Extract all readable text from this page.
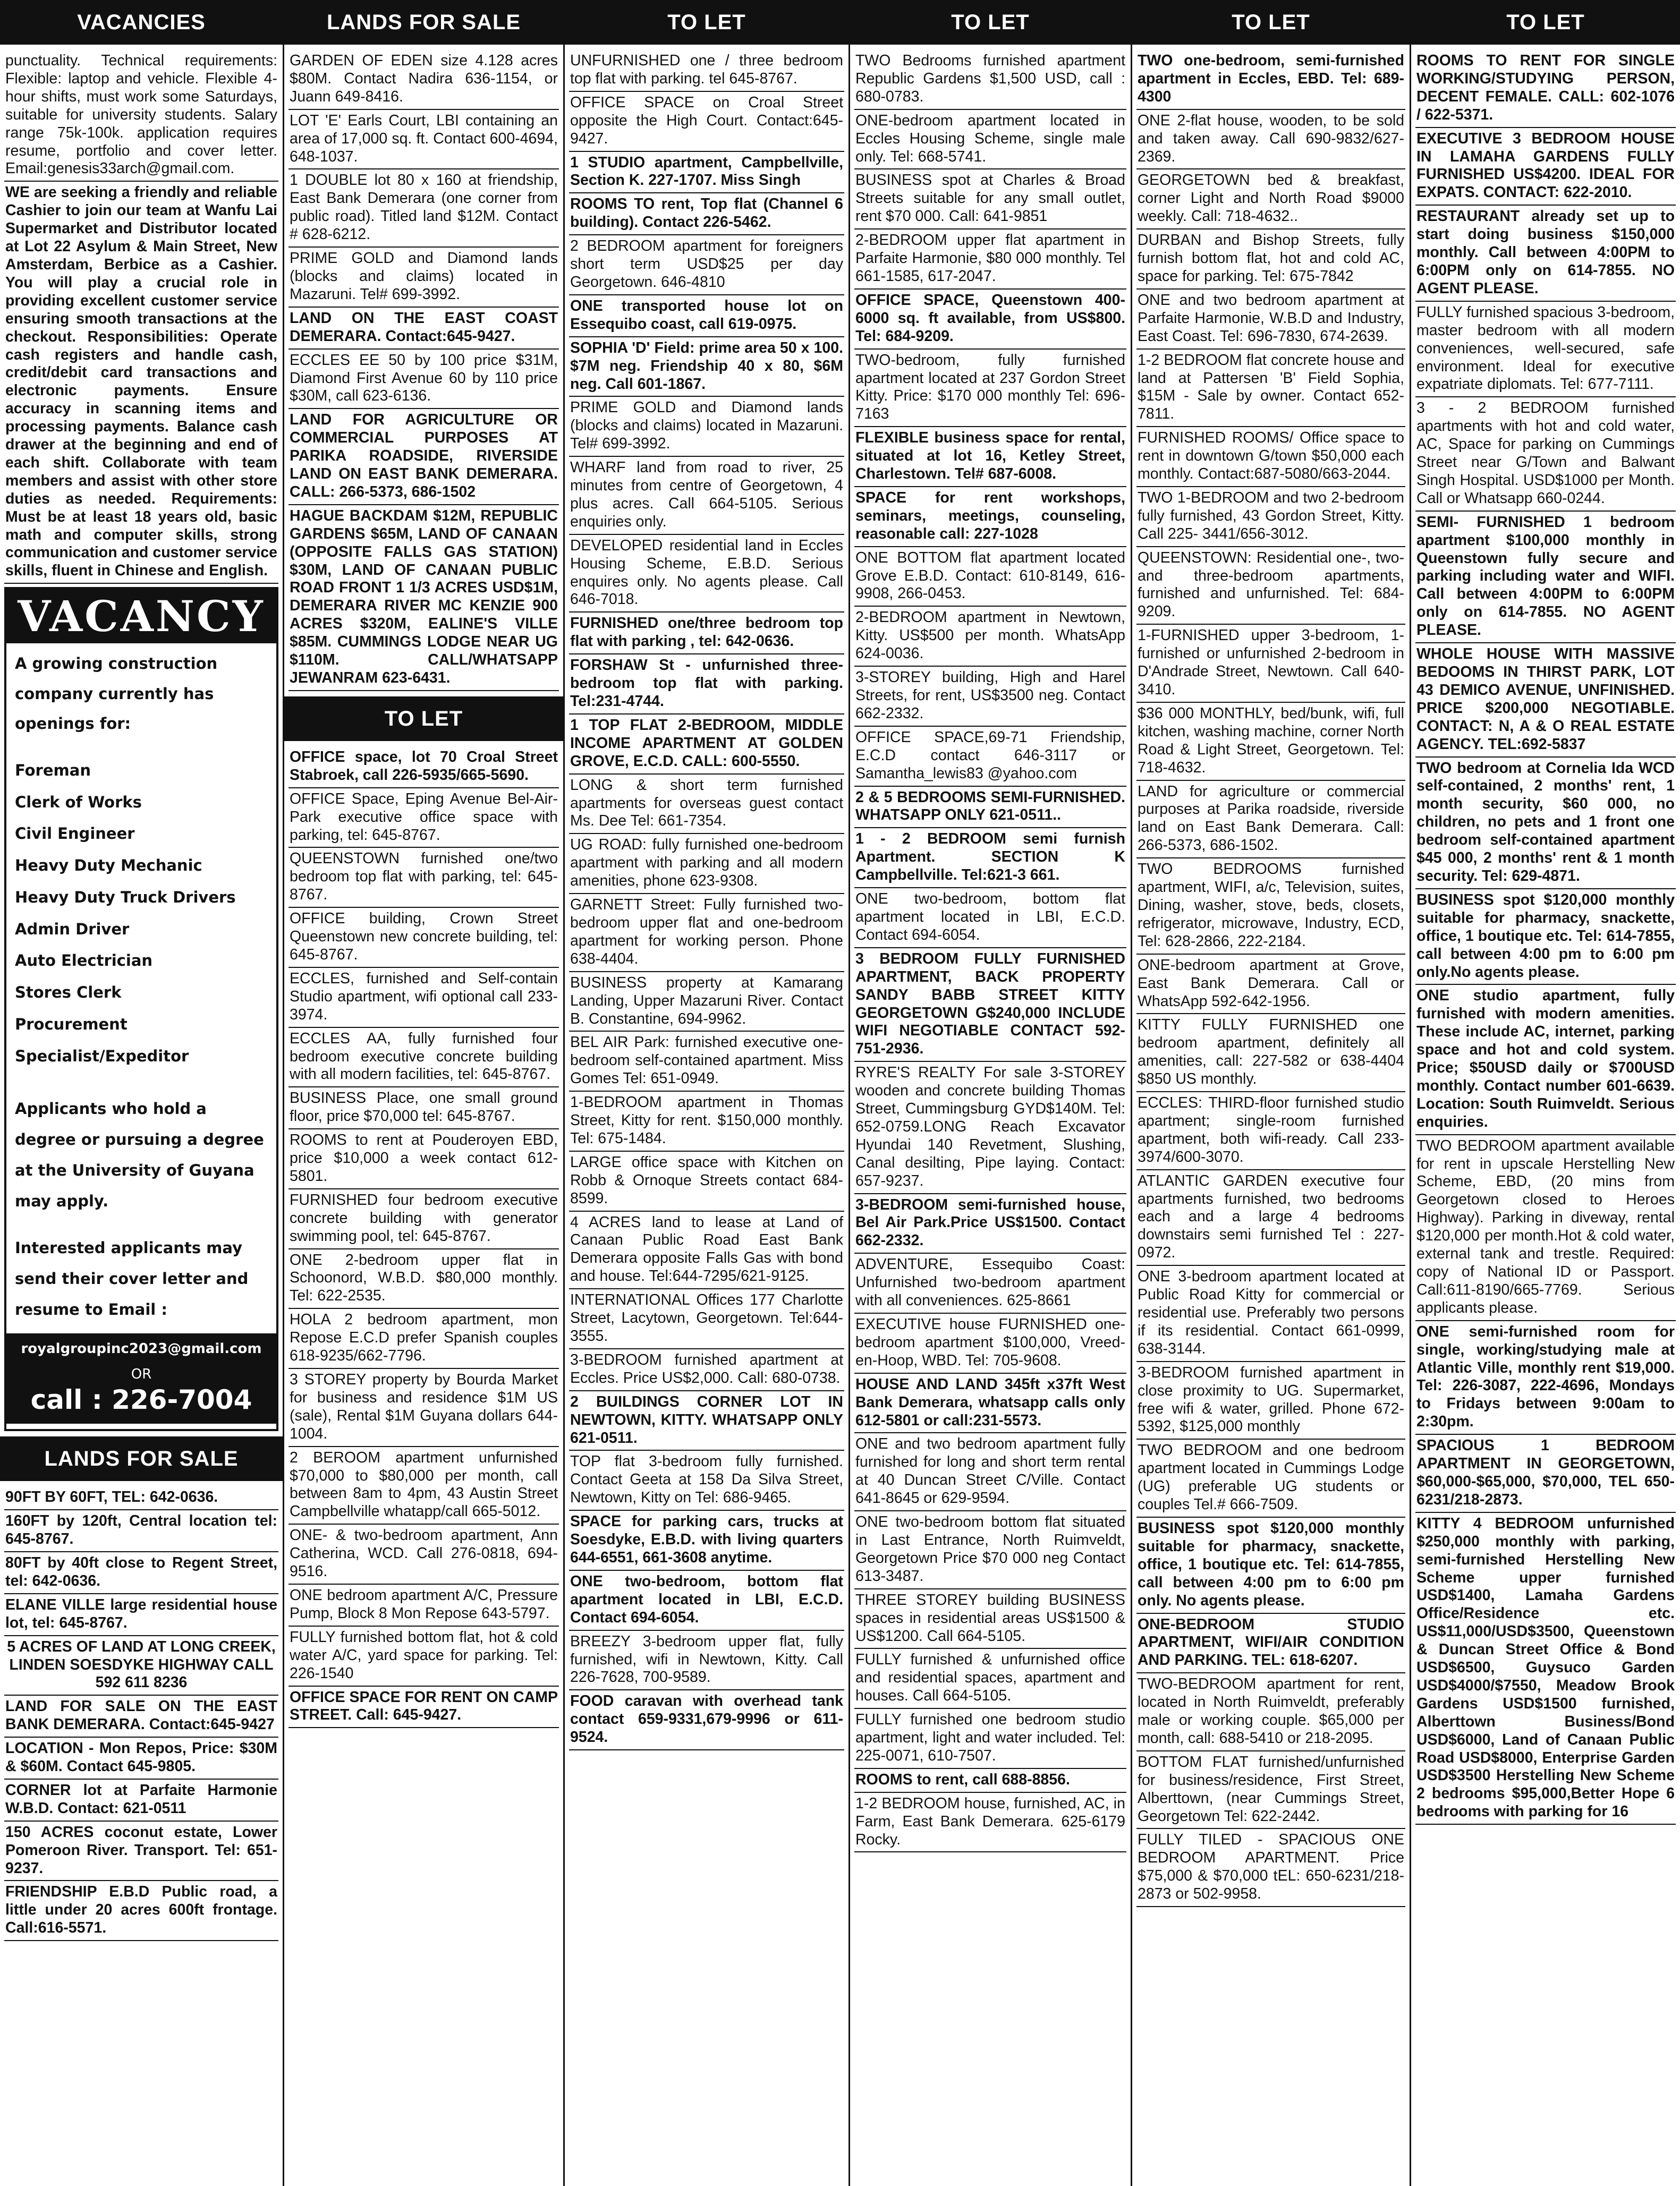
VACANCIES

punctuality. Technical requirements: Flexible: laptop and vehicle. Flexible 4-hour shifts, must work some Saturdays, suitable for university students. Salary range 75k-100k. application requires resume, portfolio and cover letter. Email:genesis33arch@gmail.com.

WE are seeking a friendly and reliable Cashier to join our team at Wanfu Lai Supermarket and Distributor located at Lot 22 Asylum & Main Street, New Amsterdam, Berbice as a Cashier. You will play a crucial role in providing excellent customer service ensuring smooth transactions at the checkout. Responsibilities: Operate cash registers and handle cash, credit/debit card transactions and electronic payments. Ensure accuracy in scanning items and processing payments. Balance cash drawer at the beginning and end of each shift. Collaborate with team members and assist with other store duties as needed. Requirements: Must be at least 18 years old, basic math and computer skills, strong communication and customer service skills, fluent in Chinese and English.

VACANCY
A growing construction company currently has openings for:
Foreman
Clerk of Works
Civil Engineer
Heavy Duty Mechanic
Heavy Duty Truck Drivers
Admin Driver
Auto Electrician
Stores Clerk
Procurement
Specialist/Expeditor
Applicants who hold a degree or pursuing a degree at the University of Guyana may apply.
Interested applicants may send their cover letter and resume to Email :
royalgroupinc2023@gmail.com
OR
call : 226-7004
LANDS FOR SALE

90FT BY 60FT, TEL: 642-0636.

160FT by 120ft, Central location tel: 645-8767.

80FT by 40ft close to Regent Street, tel: 642-0636.

ELANE VILLE large residential house lot, tel: 645-8767.

5 ACRES OF LAND AT LONG CREEK, LINDEN SOESDYKE HIGHWAY CALL 592 611 8236

LAND FOR SALE ON THE EAST BANK DEMERARA. Contact:645-9427

LOCATION - Mon Repos, Price: $30M & $60M. Contact 645-9805.

CORNER lot at Parfaite Harmonie W.B.D. Contact: 621-0511

150 ACRES coconut estate, Lower Pomeroon River. Transport. Tel: 651-9237.

FRIENDSHIP E.B.D Public road, a little under 20 acres 600ft frontage. Call:616-5571.

LANDS FOR SALE

GARDEN OF EDEN size 4.128 acres $80M. Contact Nadira 636-1154, or Juann 649-8416.

LOT 'E' Earls Court, LBI containing an area of 17,000 sq. ft. Contact 600-4694, 648-1037.

1 DOUBLE lot 80 x 160 at friendship, East Bank Demerara (one corner from public road). Titled land $12M. Contact # 628-6212.

PRIME GOLD and Diamond lands (blocks and claims) located in Mazaruni. Tel# 699-3992.

LAND ON THE EAST COAST DEMERARA. Contact:645-9427.

ECCLES EE 50 by 100 price $31M, Diamond First Avenue 60 by 110 price $30M, call 623-6136.

LAND FOR AGRICULTURE OR COMMERCIAL PURPOSES AT PARIKA ROADSIDE, RIVERSIDE LAND ON EAST BANK DEMERARA. CALL: 266-5373, 686-1502

HAGUE BACKDAM $12M, REPUBLIC GARDENS $65M, LAND OF CANAAN (OPPOSITE FALLS GAS STATION) $30M, LAND OF CANAAN PUBLIC ROAD FRONT 1 1/3 ACRES USD$1M, DEMERARA RIVER MC KENZIE 900 ACRES $320M, EALINE'S VILLE $85M. CUMMINGS LODGE NEAR UG $110M. CALL/WHATSAPP JEWANRAM 623-6431.

TO LET

OFFICE space, lot 70 Croal Street Stabroek, call 226-5935/665-5690.

OFFICE Space, Eping Avenue Bel-Air-Park executive office space with parking, tel: 645-8767.

QUEENSTOWN furnished one/two bedroom top flat with parking, tel: 645-8767.

OFFICE building, Crown Street Queenstown new concrete building, tel: 645-8767.

ECCLES, furnished and Self-contain Studio apartment, wifi optional call 233-3974.

ECCLES AA, fully furnished four bedroom executive concrete building with all modern facilities, tel: 645-8767.

BUSINESS Place, one small ground floor, price $70,000 tel: 645-8767.

ROOMS to rent at Pouderoyen EBD, price $10,000 a week contact 612-5801.

FURNISHED four bedroom executive concrete building with generator swimming pool, tel: 645-8767.

ONE 2-bedroom upper flat in Schoonord, W.B.D. $80,000 monthly. Tel: 622-2535.

HOLA 2 bedroom apartment, mon Repose E.C.D prefer Spanish couples 618-9235/662-7796.

3 STOREY property by Bourda Market for business and residence $1M US (sale), Rental $1M Guyana dollars 644-1004.

2 BEROOM apartment unfurnished $70,000 to $80,000 per month, call between 8am to 4pm, 43 Austin Street Campbellville whatapp/call 665-5012.

ONE- & two-bedroom apartment, Ann Catherina, WCD. Call 276-0818, 694-9516.

ONE bedroom apartment A/C, Pressure Pump, Block 8 Mon Repose 643-5797.

FULLY furnished bottom flat, hot & cold water A/C, yard space for parking. Tel: 226-1540

OFFICE SPACE FOR RENT ON CAMP STREET. Call: 645-9427.

TO LET

UNFURNISHED one / three bedroom top flat with parking. tel 645-8767.

OFFICE SPACE on Croal Street opposite the High Court. Contact:645-9427.

1 STUDIO apartment, Campbellville, Section K. 227-1707. Miss Singh

ROOMS TO rent, Top flat (Channel 6 building). Contact 226-5462.

2 BEDROOM apartment for foreigners short term USD$25 per day Georgetown. 646-4810

ONE transported house lot on Essequibo coast, call 619-0975.

SOPHIA 'D' Field: prime area 50 x 100. $7M neg. Friendship 40 x 80, $6M neg. Call 601-1867.

PRIME GOLD and Diamond lands (blocks and claims) located in Mazaruni. Tel# 699-3992.

WHARF land from road to river, 25 minutes from centre of Georgetown, 4 plus acres. Call 664-5105. Serious enquiries only.

DEVELOPED residential land in Eccles Housing Scheme, E.B.D. Serious enquires only. No agents please. Call 646-7018.

FURNISHED one/three bedroom top flat with parking , tel: 642-0636.

FORSHAW St - unfurnished three-bedroom top flat with parking. Tel:231-4744.

1 TOP FLAT 2-BEDROOM, MIDDLE INCOME APARTMENT AT GOLDEN GROVE, E.C.D. CALL: 600-5550.

LONG & short term furnished apartments for overseas guest contact Ms. Dee Tel: 661-7354.

UG ROAD: fully furnished one-bedroom apartment with parking and all modern amenities, phone 623-9308.

GARNETT Street: Fully furnished two-bedroom upper flat and one-bedroom apartment for working person. Phone 638-4404.

BUSINESS property at Kamarang Landing, Upper Mazaruni River. Contact B. Constantine, 694-9962.

BEL AIR Park: furnished executive one-bedroom self-contained apartment. Miss Gomes Tel: 651-0949.

1-BEDROOM apartment in Thomas Street, Kitty for rent. $150,000 monthly. Tel: 675-1484.

LARGE office space with Kitchen on Robb & Ornoque Streets contact 684-8599.

4 ACRES land to lease at Land of Canaan Public Road East Bank Demerara opposite Falls Gas with bond and house. Tel:644-7295/621-9125.

INTERNATIONAL Offices 177 Charlotte Street, Lacytown, Georgetown. Tel:644-3555.

3-BEDROOM furnished apartment at Eccles. Price US$2,000. Call: 680-0738.

2 BUILDINGS CORNER LOT IN NEWTOWN, KITTY. WHATSAPP ONLY 621-0511.

TOP flat 3-bedroom fully furnished. Contact Geeta at 158 Da Silva Street, Newtown, Kitty on Tel: 686-9465.

SPACE for parking cars, trucks at Soesdyke, E.B.D. with living quarters 644-6551, 661-3608 anytime.

ONE two-bedroom, bottom flat apartment located in LBI, E.C.D. Contact 694-6054.

BREEZY 3-bedroom upper flat, fully furnished, wifi in Newtown, Kitty. Call 226-7628, 700-9589.

FOOD caravan with overhead tank contact 659-9331,679-9996 or 611-9524.

TO LET

TWO Bedrooms furnished apartment Republic Gardens $1,500 USD, call : 680-0783.

ONE-bedroom apartment located in Eccles Housing Scheme, single male only. Tel: 668-5741.

BUSINESS spot at Charles & Broad Streets suitable for any small outlet, rent $70 000. Call: 641-9851

2-BEDROOM upper flat apartment in Parfaite Harmonie, $80 000 monthly. Tel 661-1585, 617-2047.

OFFICE SPACE, Queenstown 400-6000 sq. ft available, from US$800. Tel: 684-9209.

TWO-bedroom, fully furnished apartment located at 237 Gordon Street Kitty. Price: $170 000 monthly Tel: 696-7163

FLEXIBLE business space for rental, situated at lot 16, Ketley Street, Charlestown. Tel# 687-6008.

SPACE for rent workshops, seminars, meetings, counseling, reasonable call: 227-1028

ONE BOTTOM flat apartment located Grove E.B.D. Contact: 610-8149, 616-9908, 266-0453.

2-BEDROOM apartment in Newtown, Kitty. US$500 per month. WhatsApp 624-0036.

3-STOREY building, High and Harel Streets, for rent, US$3500 neg. Contact 662-2332.

OFFICE SPACE,69-71 Friendship, E.C.D contact 646-3117 or Samantha_lewis83 @yahoo.com

2 & 5 BEDROOMS SEMI-FURNISHED. WHATSAPP ONLY 621-0511..

1 - 2 BEDROOM semi furnish Apartment. SECTION K Campbellville. Tel:621-3 661.

ONE two-bedroom, bottom flat apartment located in LBI, E.C.D. Contact 694-6054.

3 BEDROOM FULLY FURNISHED APARTMENT, BACK PROPERTY SANDY BABB STREET KITTY GEORGETOWN G$240,000 INCLUDE WIFI NEGOTIABLE CONTACT 592-751-2936.

RYRE'S REALTY For sale 3-STOREY wooden and concrete building Thomas Street, Cummingsburg GYD$140M. Tel: 652-0759.LONG Reach Excavator Hyundai 140 Revetment, Slushing, Canal desilting, Pipe laying. Contact: 657-9237.

3-BEDROOM semi-furnished house, Bel Air Park.Price US$1500. Contact 662-2332.

ADVENTURE, Essequibo Coast: Unfurnished two-bedroom apartment with all conveniences. 625-8661

EXECUTIVE house FURNISHED one-bedroom apartment $100,000, Vreed-en-Hoop, WBD. Tel: 705-9608.

HOUSE AND LAND 345ft x37ft West Bank Demerara, whatsapp calls only 612-5801 or call:231-5573.

ONE and two bedroom apartment fully furnished for long and short term rental at 40 Duncan Street C/Ville. Contact 641-8645 or 629-9594.

ONE two-bedroom bottom flat situated in Last Entrance, North Ruimveldt, Georgetown Price $70 000 neg Contact 613-3487.

THREE STOREY building BUSINESS spaces in residential areas US$1500 & US$1200. Call 664-5105.

FULLY furnished & unfurnished office and residential spaces, apartment and houses. Call 664-5105.

FULLY furnished one bedroom studio apartment, light and water included. Tel: 225-0071, 610-7507.

ROOMS to rent, call 688-8856.

1-2 BEDROOM house, furnished, AC, in Farm, East Bank Demerara. 625-6179 Rocky.

TO LET

TWO one-bedroom, semi-furnished apartment in Eccles, EBD. Tel: 689-4300

ONE 2-flat house, wooden, to be sold and taken away. Call 690-9832/627-2369.

GEORGETOWN bed & breakfast, corner Light and North Road $9000 weekly. Call: 718-4632..

DURBAN and Bishop Streets, fully furnish bottom flat, hot and cold AC, space for parking. Tel: 675-7842

ONE and two bedroom apartment at Parfaite Harmonie, W.B.D and Industry, East Coast. Tel: 696-7830, 674-2639.

1-2 BEDROOM flat concrete house and land at Pattersen 'B' Field Sophia, $15M - Sale by owner. Contact 652-7811.

FURNISHED ROOMS/ Office space to rent in downtown G/town $50,000 each monthly. Contact:687-5080/663-2044.

TWO 1-BEDROOM and two 2-bedroom fully furnished, 43 Gordon Street, Kitty. Call 225- 3441/656-3012.

QUEENSTOWN: Residential one-, two- and three-bedroom apartments, furnished and unfurnished. Tel: 684-9209.

1-FURNISHED upper 3-bedroom, 1-furnished or unfurnished 2-bedroom in D'Andrade Street, Newtown. Call 640-3410.

$36 000 MONTHLY, bed/bunk, wifi, full kitchen, washing machine, corner North Road & Light Street, Georgetown. Tel: 718-4632.

LAND for agriculture or commercial purposes at Parika roadside, riverside land on East Bank Demerara. Call: 266-5373, 686-1502.

TWO BEDROOMS furnished apartment, WIFI, a/c, Television, suites, Dining, washer, stove, beds, closets, refrigerator, microwave, Industry, ECD, Tel: 628-2866, 222-2184.

ONE-bedroom apartment at Grove, East Bank Demerara. Call or WhatsApp 592-642-1956.

KITTY FULLY FURNISHED one bedroom apartment, definitely all amenities, call: 227-582 or 638-4404 $850 US monthly.

ECCLES: THIRD-floor furnished studio apartment; single-room furnished apartment, both wifi-ready. Call 233-3974/600-3070.

ATLANTIC GARDEN executive four apartments furnished, two bedrooms each and a large 4 bedrooms downstairs semi furnished Tel : 227-0972.

ONE 3-bedroom apartment located at Public Road Kitty for commercial or residential use. Preferably two persons if its residential. Contact 661-0999, 638-3144.

3-BEDROOM furnished apartment in close proximity to UG. Supermarket, free wifi & water, grilled. Phone 672-5392, $125,000 monthly

TWO BEDROOM and one bedroom apartment located in Cummings Lodge (UG) preferable UG students or couples Tel.# 666-7509.

BUSINESS spot $120,000 monthly suitable for pharmacy, snackette, office, 1 boutique etc. Tel: 614-7855, call between 4:00 pm to 6:00 pm only. No agents please.

ONE-BEDROOM STUDIO APARTMENT, WIFI/AIR CONDITION AND PARKING. TEL: 618-6207.

TWO-BEDROOM apartment for rent, located in North Ruimveldt, preferably male or working couple. $65,000 per month, call: 688-5410 or 218-2095.

BOTTOM FLAT furnished/unfurnished for business/residence, First Street, Alberttown, (near Cummings Street, Georgetown Tel: 622-2442.

FULLY TILED - SPACIOUS ONE BEDROOM APARTMENT. Price $75,000 & $70,000 tEL: 650-6231/218-2873 or 502-9958.

TO LET

ROOMS TO RENT FOR SINGLE WORKING/STUDYING PERSON, DECENT FEMALE. CALL: 602-1076 / 622-5371.

EXECUTIVE 3 BEDROOM HOUSE IN LAMAHA GARDENS FULLY FURNISHED US$4200. IDEAL FOR EXPATS. CONTACT: 622-2010.

RESTAURANT already set up to start doing business $150,000 monthly. Call between 4:00PM to 6:00PM only on 614-7855. NO AGENT PLEASE.

FULLY furnished spacious 3-bedroom, master bedroom with all modern conveniences, well-secured, safe environment. Ideal for executive expatriate diplomats. Tel: 677-7111.

3 - 2 BEDROOM furnished apartments with hot and cold water, AC, Space for parking on Cummings Street near G/Town and Balwant Singh Hospital. USD$1000 per Month. Call or Whatsapp 660-0244.

SEMI- FURNISHED 1 bedroom apartment $100,000 monthly in Queenstown fully secure and parking including water and WIFI. Call between 4:00PM to 6:00PM only on 614-7855. NO AGENT PLEASE.

WHOLE HOUSE WITH MASSIVE BEDOOMS IN THIRST PARK, LOT 43 DEMICO AVENUE, UNFINISHED. PRICE $200,000 NEGOTIABLE. CONTACT: N, A & O REAL ESTATE AGENCY. TEL:692-5837

TWO bedroom at Cornelia Ida WCD self-contained, 2 months' rent, 1 month security, $60 000, no children, no pets and 1 front one bedroom self-contained apartment $45 000, 2 months' rent & 1 month security. Tel: 629-4871.

BUSINESS spot $120,000 monthly suitable for pharmacy, snackette, office, 1 boutique etc. Tel: 614-7855, call between 4:00 pm to 6:00 pm only.No agents please.

ONE studio apartment, fully furnished with modern amenities. These include AC, internet, parking space and hot and cold system. Price; $50USD daily or $700USD monthly. Contact number 601-6639. Location: South Ruimveldt. Serious enquiries.

TWO BEDROOM apartment available for rent in upscale Herstelling New Scheme, EBD, (20 mins from Georgetown closed to Heroes Highway). Parking in diveway, rental $120,000 per month.Hot & cold water, external tank and trestle. Required: copy of National ID or Passport. Call:611-8190/665-7769. Serious applicants please.

ONE semi-furnished room for single, working/studying male at Atlantic Ville, monthly rent $19,000. Tel: 226-3087, 222-4696, Mondays to Fridays between 9:00am to 2:30pm.

SPACIOUS 1 BEDROOM APARTMENT IN GEORGETOWN, $60,000-$65,000, $70,000, TEL 650-6231/218-2873.

KITTY 4 BEDROOM unfurnished $250,000 monthly with parking, semi-furnished Herstelling New Scheme upper furnished USD$1400, Lamaha Gardens Office/Residence etc. US$11,000/USD$3500, Queenstown & Duncan Street Office & Bond USD$6500, Guysuco Garden USD$4000/$7550, Meadow Brook Gardens USD$1500 furnished, Alberttown Business/Bond USD$6000, Land of Canaan Public Road USD$8000, Enterprise Garden USD$3500 Herstelling New Scheme 2 bedrooms $95,000,Better Hope 6 bedrooms with parking for 16
